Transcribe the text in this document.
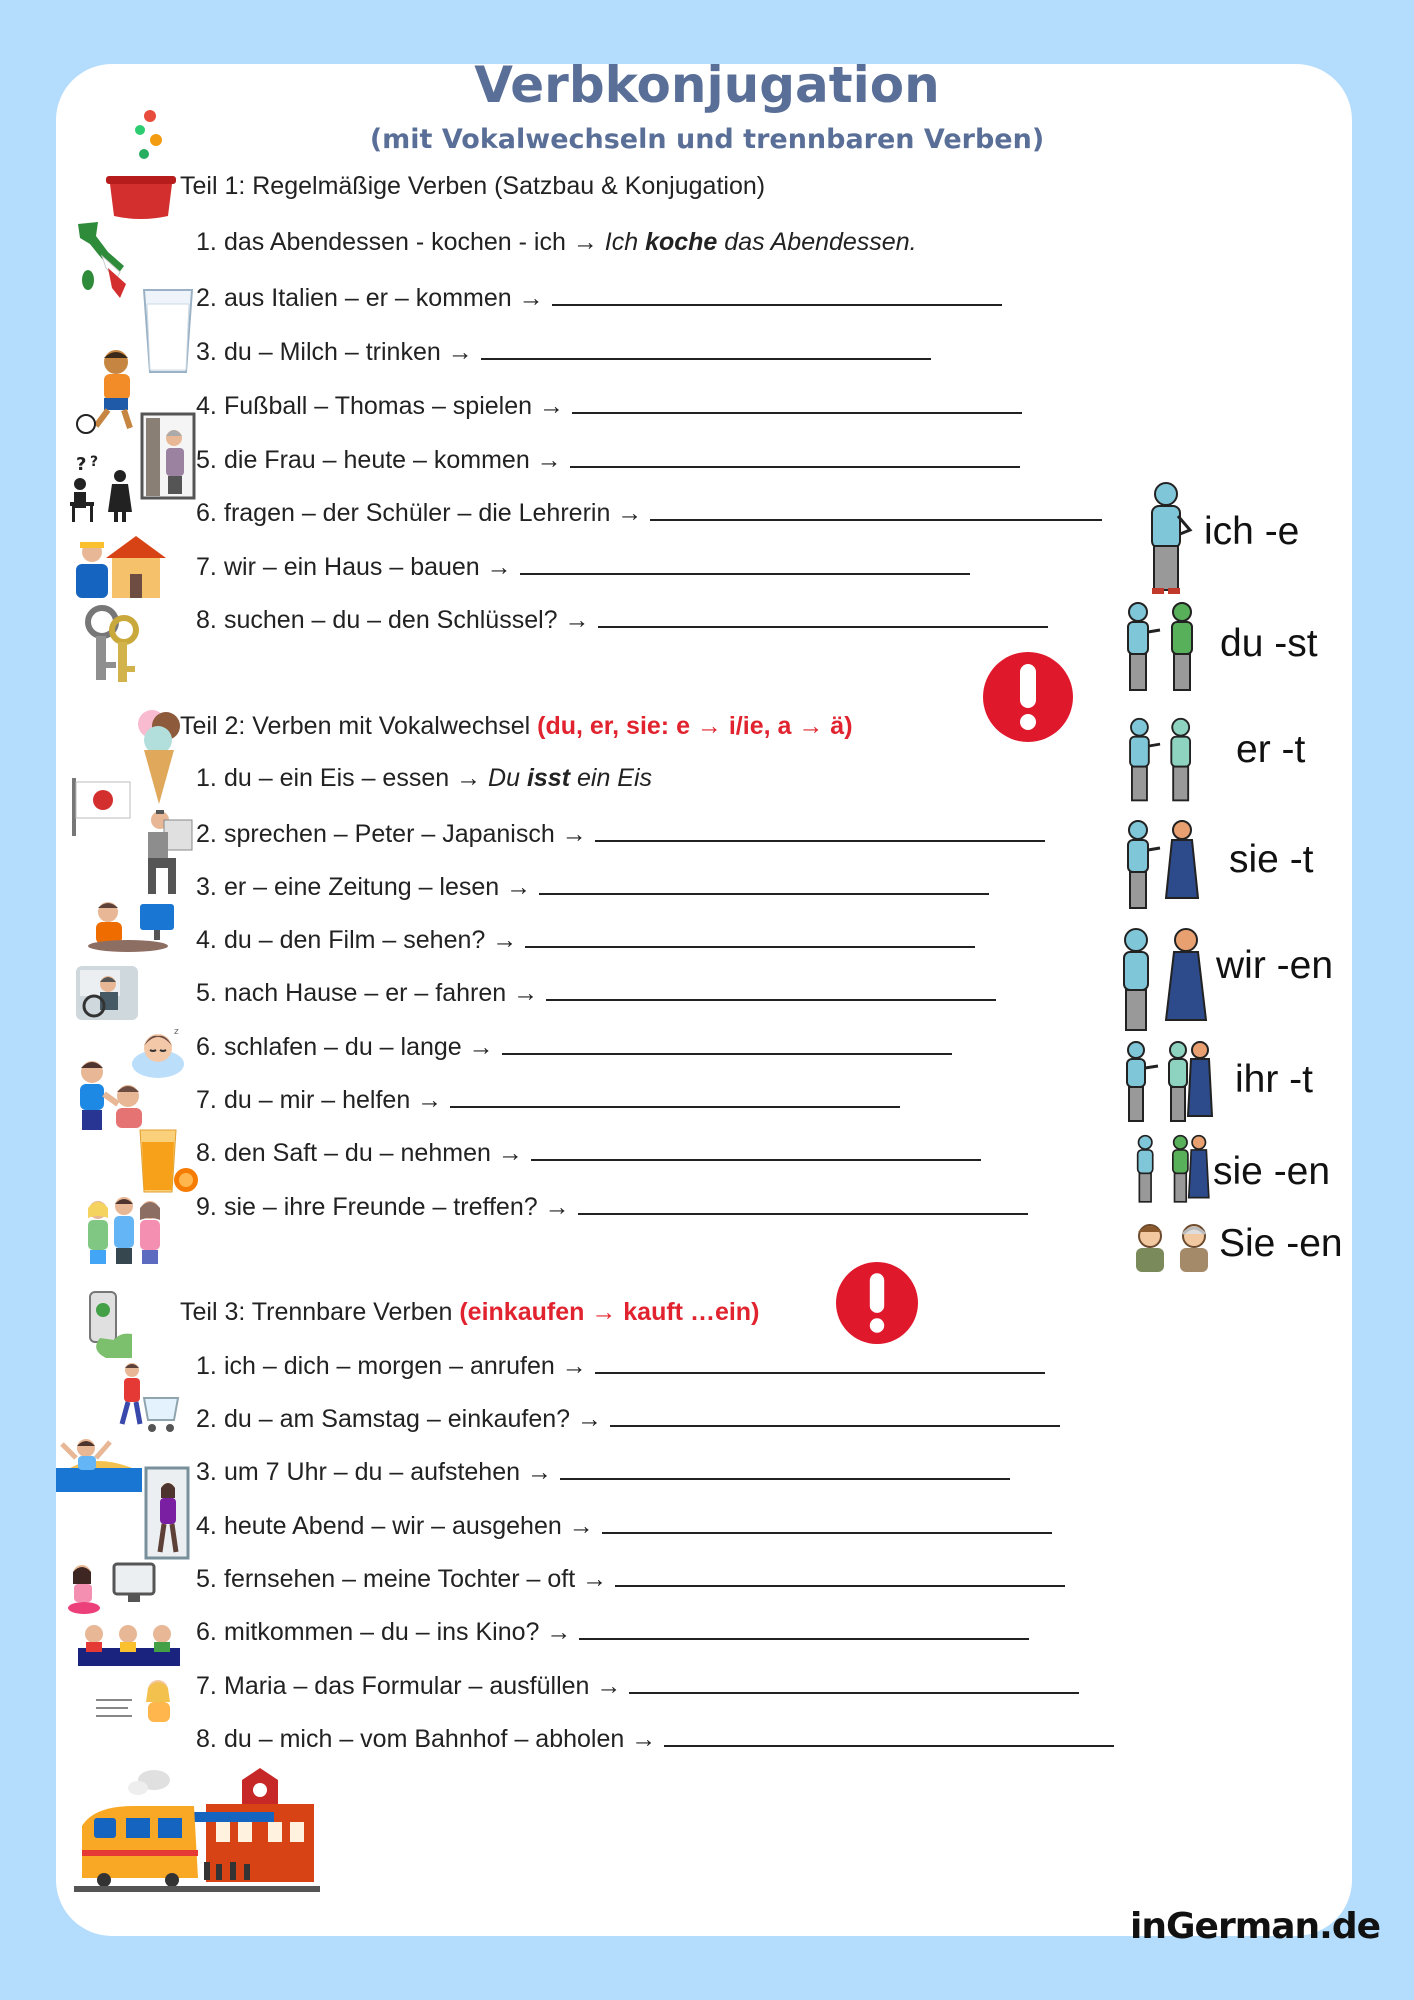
Verbkonjugation
(mit Vokalwechseln und trennbaren Verben)
Teil 1: Regelmäßige Verben (Satzbau & Konjugation)
1. das Abendessen - kochen - ich → Ich koche das Abendessen.
2. aus Italien – er – kommen →
3. du – Milch – trinken →
4. Fußball – Thomas – spielen →
5. die Frau – heute – kommen →
6. fragen – der Schüler – die Lehrerin →
7. wir – ein Haus – bauen →
8. suchen – du – den Schlüssel? →
Teil 2: Verben mit Vokalwechsel (du, er, sie: e → i/ie, a → ä)
1. du – ein Eis – essen → Du isst ein Eis
2. sprechen – Peter – Japanisch →
3. er – eine Zeitung – lesen →
4. du – den Film – sehen? →
5. nach Hause – er – fahren →
6. schlafen – du – lange →
7. du – mir – helfen →
8. den Saft – du – nehmen →
9. sie – ihre Freunde – treffen? →
Teil 3: Trennbare Verben (einkaufen → kauft …ein)
1. ich – dich – morgen – anrufen →
2. du – am Samstag – einkaufen? →
3. um 7 Uhr – du – aufstehen →
4. heute Abend – wir – ausgehen →
5. fernsehen – meine Tochter – oft →
6. mitkommen – du – ins Kino? →
7. Maria – das Formular – ausfüllen →
8. du – mich – vom Bahnhof – abholen →
ich -e
du -st
er -t
sie -t
wir -en
ihr -t
sie -en
Sie -en
? ?
z
inGerman.de
